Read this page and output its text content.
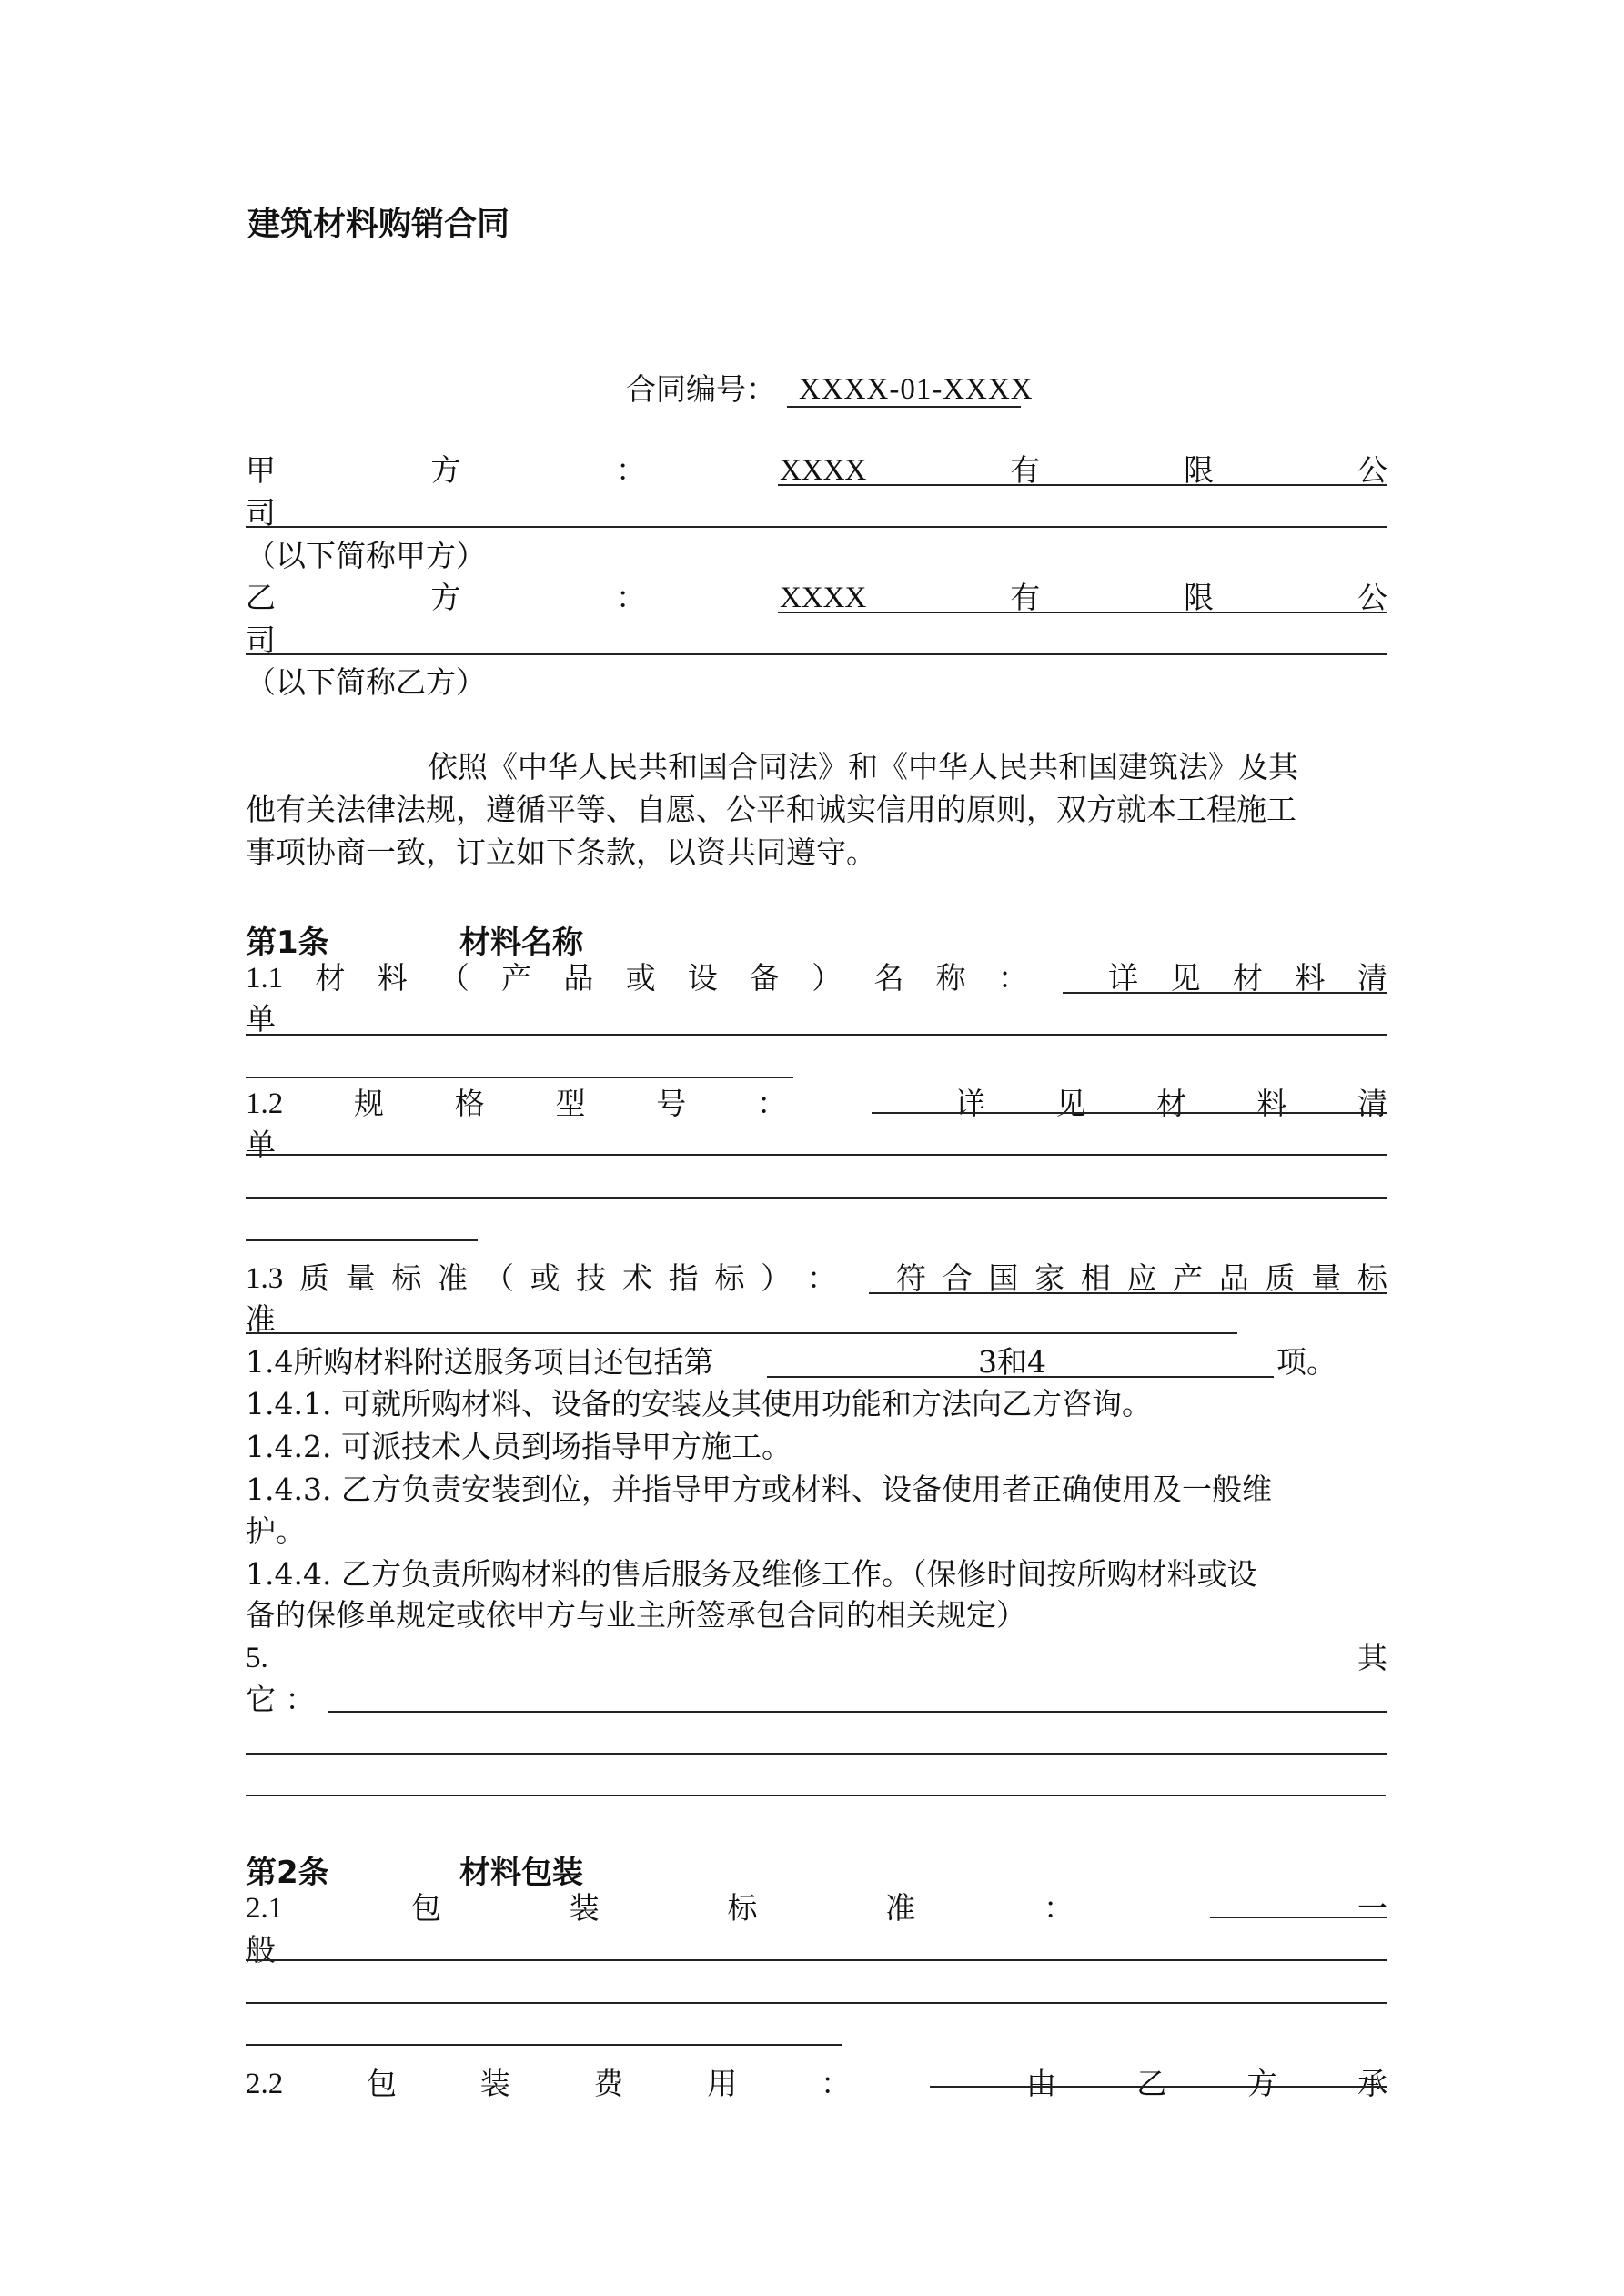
建筑材料购销合同
合同编号： XXXX-01-XXXX
甲	方	：	XXXX	有	限	公
司
（以下简称甲方）
乙	方	：	XXXX	有	限	公
司
（以下简称乙方）
依照《中华人民共和国合同法》和《中华人民共和国建筑法》及其
他有关法律法规，遵循平等、自愿、公平和诚实信用的原则，双方就本工程施工
事项协商一致，订立如下条款，以资共同遵守。
第1条	材料名称
1.1 材 料 （ 产 品 或 设 备 ） 名 称 ：	详 见 材 料 清
单
1.2 规 格 型 号 ：	详 见 材 料 清
单
1.3 质 量 标 准 （ 或 技 术 指 标 ） ： 符 合 国 家 相 应 产 品 质 量 标
准
1.4所购材料附送服务项目还包括第	3和4	项。
1.4.1. 可就所购材料、设备的安装及其使用功能和方法向乙方咨询。
1.4.2. 可派技术人员到场指导甲方施工。
1.4.3. 乙方负责安装到位，并指导甲方或材料、设备使用者正确使用及一般维
护。
1.4.4. 乙方负责所购材料的售后服务及维修工作。（保修时间按所购材料或设
备的保修单规定或依甲方与业主所签承包合同的相关规定）
5.	其
它 ：
第2条	材料包装
2.1	包	装	标	准	：	一
般
2.2	包	装	费	用	：	由	乙	方	承
